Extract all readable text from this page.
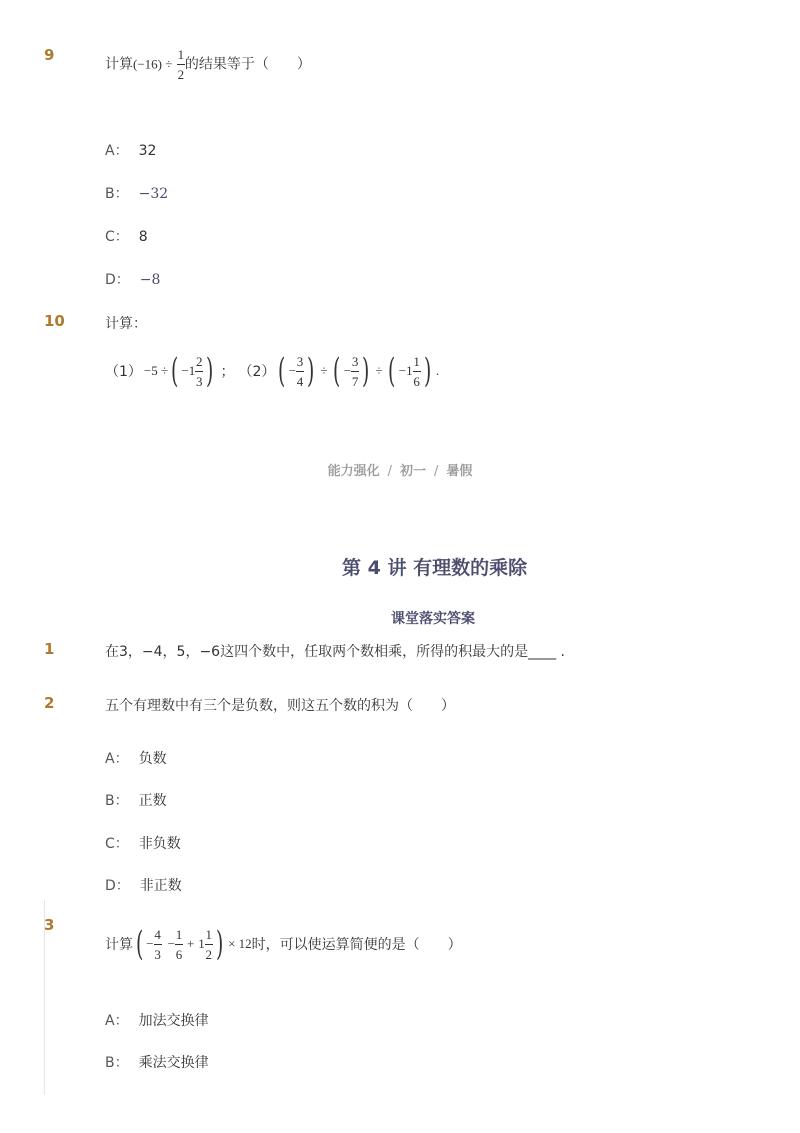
9
计算$(-16) \div \frac{1}{2}$ 的结果等于（　　）
A： 32
B： −32
C： 8
D： −8
10	计算：
（1） −5 ÷ ( $-1 \frac{2}{3}$ ) ； （2） ( − $\frac{3}{4}$ ) ÷ ( − $\frac{3}{7}$ ) ÷ ( $-1 \frac{1}{6}$ ) .
能力强化 / 初一 / 暑假
第 4 讲 有理数的乘除
课堂落实答案
1	在3，−4，5，−6这四个数中，任取两个数相乘，所得的积最大的是____ .
2	五个有理数中有三个是负数，则这五个数的积为（　　）
A： 负数
B： 正数
C： 非负数
D： 非正数
3
计算 ( − $\frac{4}{3} - \frac{1}{6} + 1 \frac{1}{2}$ ) × 12 时，可以使运算简便的是（　　）
A： 加法交换律
B： 乘法交换律
